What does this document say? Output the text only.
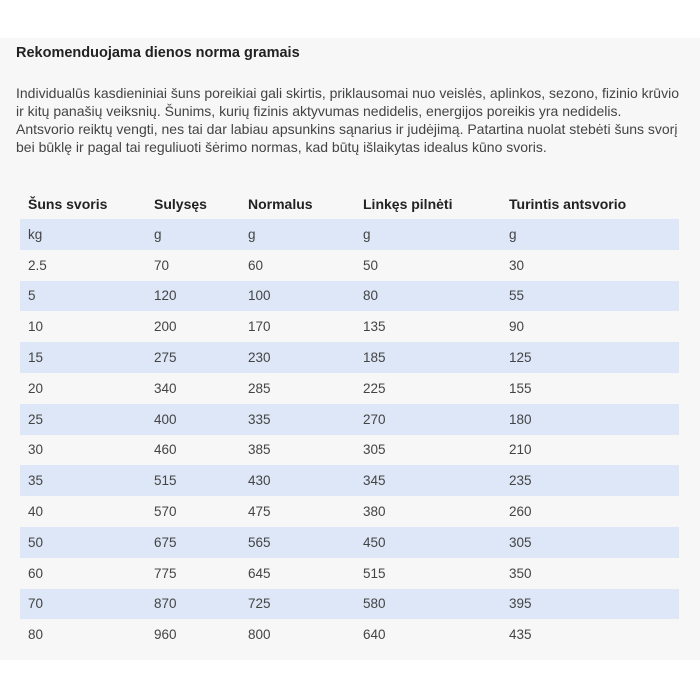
Rekomenduojama dienos norma gramais

Individualūs kasdieniniai šuns poreikiai gali skirtis, priklausomai nuo veislės, aplinkos, sezono, fizinio krūvio

ir kitų panašių veiksnių. Šunims, kurių fizinis aktyvumas nedidelis, energijos poreikis yra nedidelis.

Antsvorio reiktų vengti, nes tai dar labiau apsunkins sąnarius ir judėjimą. Patartina nuolat stebėti šuns svorį

bei būklę ir pagal tai reguliuoti šėrimo normas, kad būtų išlaikytas idealus kūno svoris.

Šuns svoris	Sulysęs	Normalus	Linkęs pilnėti	Turintis antsvorio
kg	g	g	g	g
2.5	70	60	50	30
5	120	100	80	55
10	200	170	135	90
15	275	230	185	125
20	340	285	225	155
25	400	335	270	180
30	460	385	305	210
35	515	430	345	235
40	570	475	380	260
50	675	565	450	305
60	775	645	515	350
70	870	725	580	395
80	960	800	640	435
